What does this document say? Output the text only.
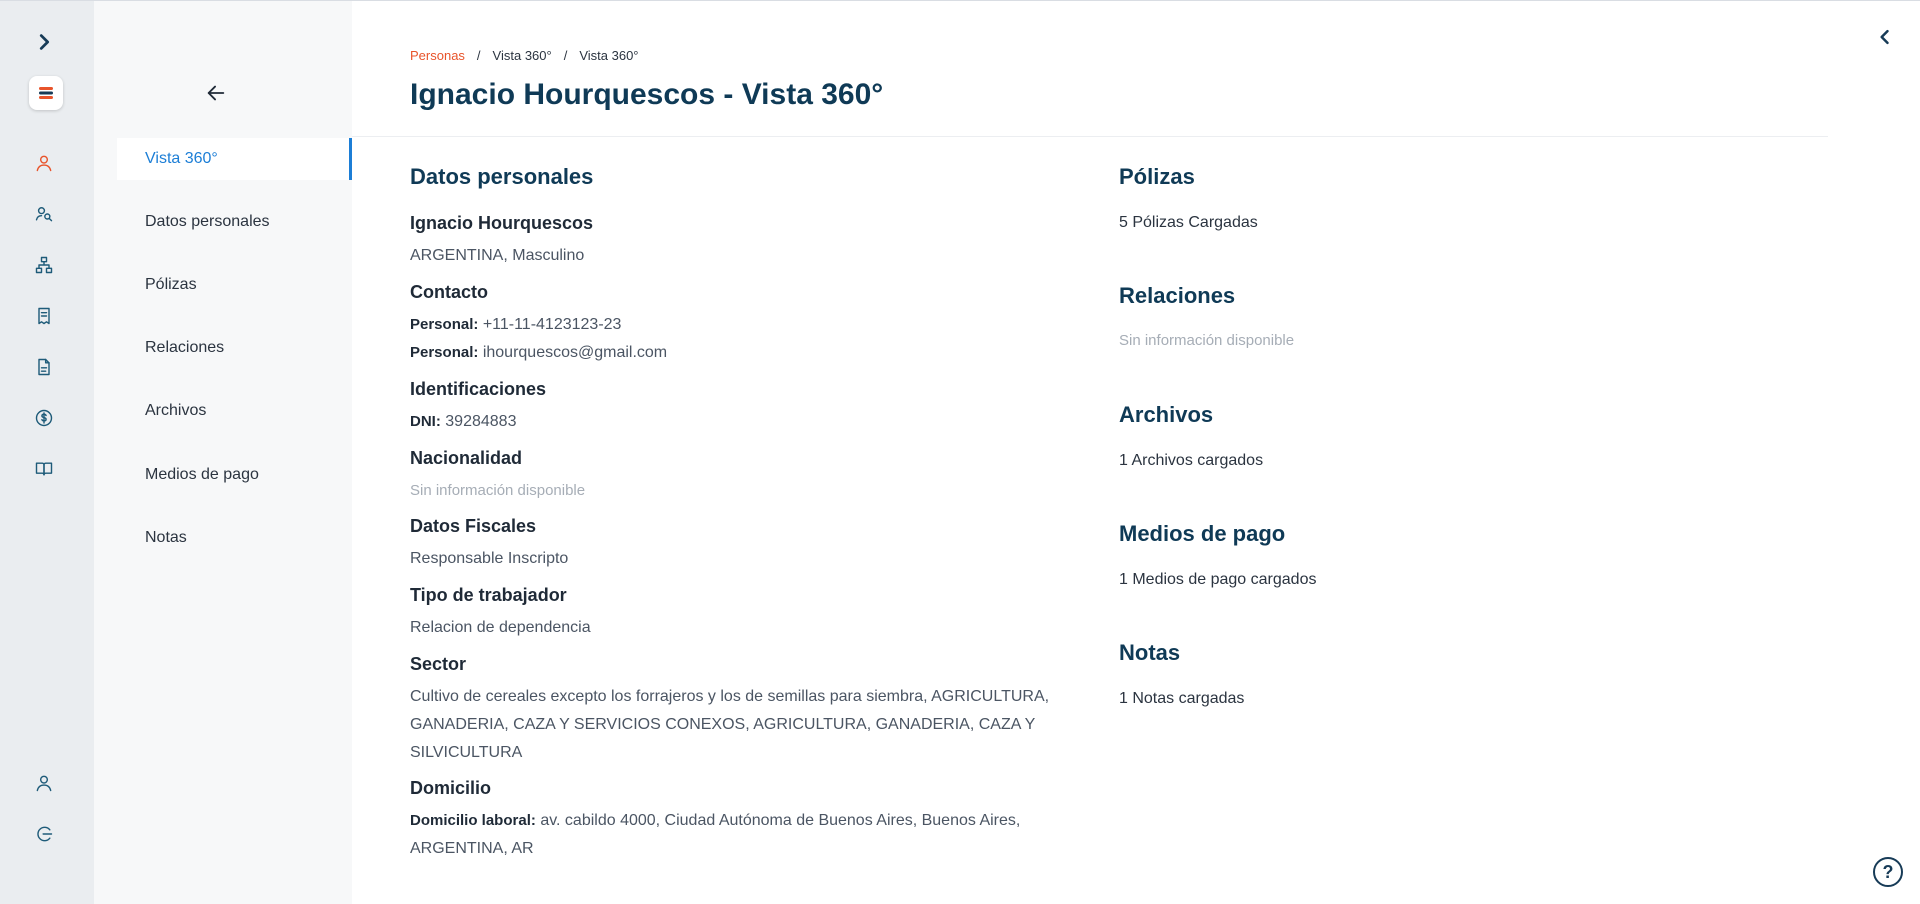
Vista 360°
Datos personales
Pólizas
Relaciones
Archivos
Medios de pago
Notas
Personas / Vista 360° / Vista 360°
Ignacio Hourquescos - Vista 360°
Datos personales
Ignacio Hourquescos
ARGENTINA, Masculino
Contacto
Personal: +11-11-4123123-23
Personal: ihourquescos@gmail.com
Identificaciones
DNI: 39284883
Nacionalidad
Sin información disponible
Datos Fiscales
Responsable Inscripto
Tipo de trabajador
Relacion de dependencia
Sector
Cultivo de cereales excepto los forrajeros y los de semillas para siembra, AGRICULTURA,
GANADERIA, CAZA Y SERVICIOS CONEXOS, AGRICULTURA, GANADERIA, CAZA Y
SILVICULTURA
Domicilio
Domicilio laboral: av. cabildo 4000, Ciudad Autónoma de Buenos Aires, Buenos Aires,
ARGENTINA, AR
Pólizas
5 Pólizas Cargadas
Relaciones
Sin información disponible
Archivos
1 Archivos cargados
Medios de pago
1 Medios de pago cargados
Notas
1 Notas cargadas
?
